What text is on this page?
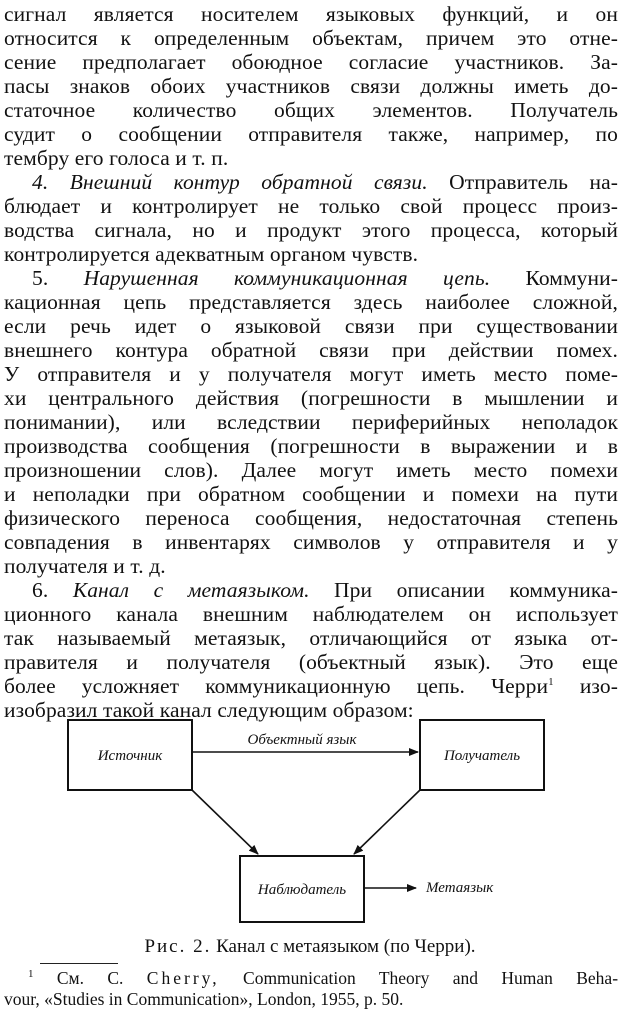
сигнал является носителем языковых функций, и он
относится к определенным объектам, причем это отне-
сение предполагает обоюдное согласие участников. За-
пасы знаков обоих участников связи должны иметь до-
статочное количество общих элементов. Получатель
судит о сообщении отправителя также, например, по
тембру его голоса и т. п.
4. Внешний контур обратной связи. Отправитель на-
блюдает и контролирует не только свой процесс произ-
водства сигнала, но и продукт этого процесса, который
контролируется адекватным органом чувств.
5. Нарушенная коммуникационная цепь. Коммуни-
кационная цепь представляется здесь наиболее сложной,
если речь идет о языковой связи при существовании
внешнего контура обратной связи при действии помех.
У отправителя и у получателя могут иметь место поме-
хи центрального действия (погрешности в мышлении и
понимании), или вследствии периферийных неполадок
производства сообщения (погрешности в выражении и в
произношении слов). Далее могут иметь место помехи
и неполадки при обратном сообщении и помехи на пути
физического переноса сообщения, недостаточная степень
совпадения в инвентарях символов у отправителя и у
получателя и т. д.
6. Канал с метаязыком. При описании коммуника-
ционного канала внешним наблюдателем он использует
так называемый метаязык, отличающийся от языка от-
правителя и получателя (объектный язык). Это еще
более усложняет коммуникационную цепь. Черри$^1$ изо-
изобразил такой канал следующим образом:
Источник	Получатель
Наблюдатель
Объектный язык
Метаязык
Рис. 2. Канал с метаязыком (по Черри).
$^1$ См. C. Cherry, Communication Theory and Human Beha-
vour, «Studies in Communication», London, 1955, p. 50.
